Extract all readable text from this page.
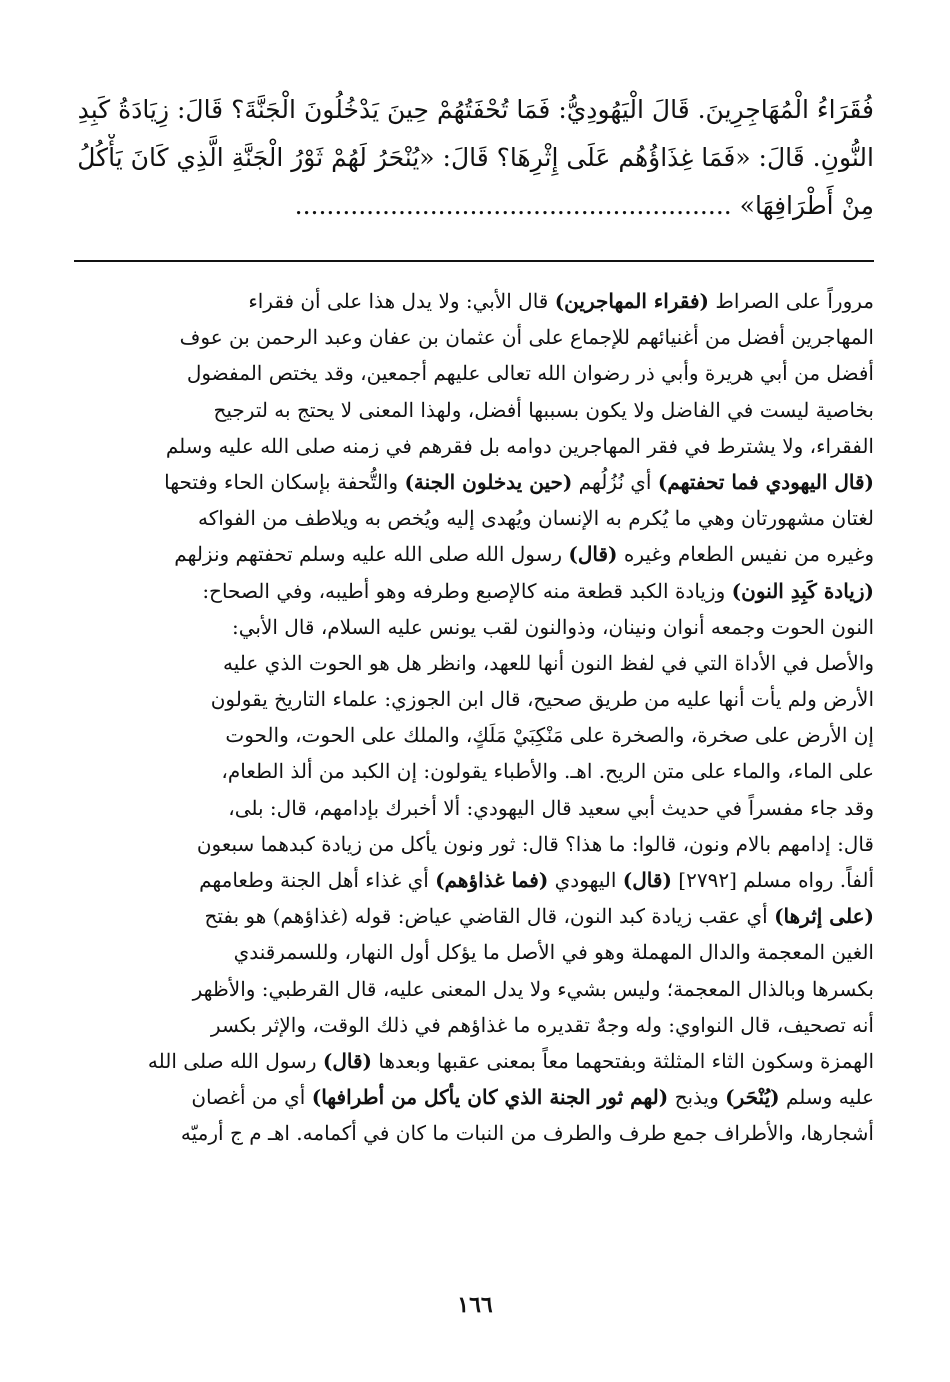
فُقَرَاءُ الْمُهَاجِرِينَ. قَالَ الْيَهُودِيُّ: فَمَا تُحْفَتُهُمْ حِينَ يَدْخُلُونَ الْجَنَّةَ؟ قَالَ: زِيَادَةُ كَبِدِ
النُّونِ. قَالَ: «فَمَا غِذَاؤُهُم عَلَى إِثْرِهَا؟ قَالَ: «يُنْحَرُ لَهُمْ ثَوْرُ الْجَنَّةِ الَّذِي كَانَ يَأْكُلُ
مِنْ أَطْرَافِهَا» .......................................................
مروراً على الصراط (فقراء المهاجرين) قال الأبي: ولا يدل هذا على أن فقراء
المهاجرين أفضل من أغنيائهم للإجماع على أن عثمان بن عفان وعبد الرحمن بن عوف
أفضل من أبي هريرة وأبي ذر رضوان الله تعالى عليهم أجمعين، وقد يختص المفضول
بخاصية ليست في الفاضل ولا يكون بسببها أفضل، ولهذا المعنى لا يحتج به لترجيح
الفقراء، ولا يشترط في فقر المهاجرين دوامه بل فقرهم في زمنه صلى الله عليه وسلم
(قال اليهودي فما تحفتهم) أي نُزُلُهم (حين يدخلون الجنة) والتُّحفة بإسكان الحاء وفتحها
لغتان مشهورتان وهي ما يُكرم به الإنسان ويُهدى إليه ويُخص به ويلاطف من الفواكه
وغيره من نفيس الطعام وغيره (قال) رسول الله صلى الله عليه وسلم تحفتهم ونزلهم
(زيادة كَبِدِ النون) وزيادة الكبد قطعة منه كالإصبع وطرفه وهو أطيبه، وفي الصحاح:
النون الحوت وجمعه أنوان ونينان، وذوالنون لقب يونس عليه السلام، قال الأبي:
والأصل في الأداة التي في لفظ النون أنها للعهد، وانظر هل هو الحوت الذي عليه
الأرض ولم يأت أنها عليه من طريق صحيح، قال ابن الجوزي: علماء التاريخ يقولون
إن الأرض على صخرة، والصخرة على مَنْكِبَيْ مَلَكٍ، والملك على الحوت، والحوت
على الماء، والماء على متن الريح. اهـ. والأطباء يقولون: إن الكبد من ألذ الطعام،
وقد جاء مفسراً في حديث أبي سعيد قال اليهودي: ألا أخبرك بإدامهم، قال: بلى،
قال: إدامهم بالام ونون، قالوا: ما هذا؟ قال: ثور ونون يأكل من زيادة كبدهما سبعون
ألفاً. رواه مسلم [٢٧٩٢] (قال) اليهودي (فما غذاؤهم) أي غذاء أهل الجنة وطعامهم
(على إثرها) أي عقب زيادة كبد النون، قال القاضي عياض: قوله (غذاؤهم) هو بفتح
الغين المعجمة والدال المهملة وهو في الأصل ما يؤكل أول النهار، وللسمرقندي
بكسرها وبالذال المعجمة؛ وليس بشيء ولا يدل المعنى عليه، قال القرطبي: والأظهر
أنه تصحيف، قال النواوي: وله وجهٌ تقديره ما غذاؤهم في ذلك الوقت، والإثر بكسر
الهمزة وسكون الثاء المثلثة وبفتحهما معاً بمعنى عقبها وبعدها (قال) رسول الله صلى الله
عليه وسلم (يُنْحَر) ويذبح (لهم ثور الجنة الذي كان يأكل من أطرافها) أي من أغصان
أشجارها، والأطراف جمع طرف والطرف من النبات ما كان في أكمامه. اهـ م ج أرميّه
١٦٦
